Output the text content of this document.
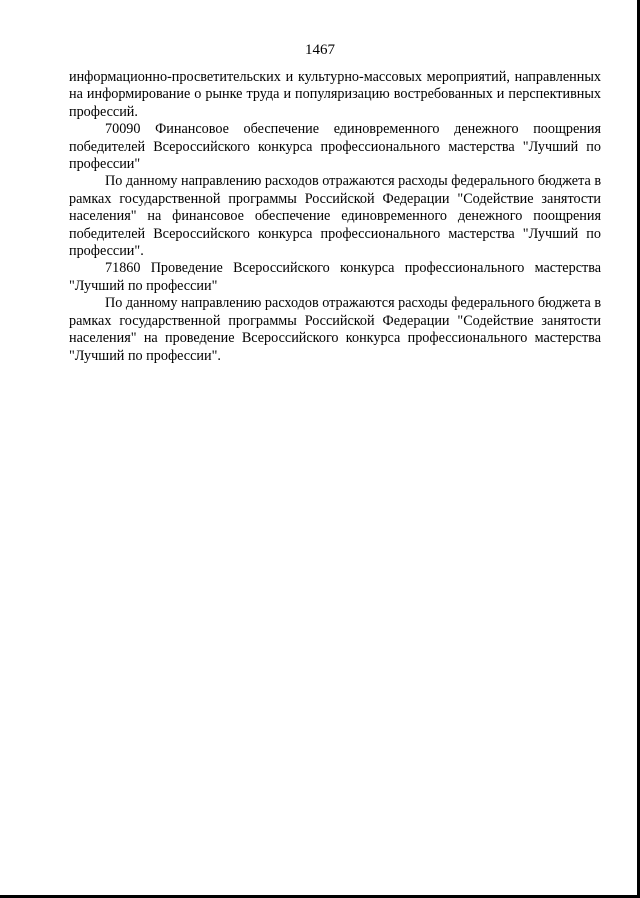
1467

информационно-просветительских и культурно-массовых мероприятий, направленных на информирование о рынке труда и популяризацию востребованных и перспективных профессий.

70090 Финансовое обеспечение единовременного денежного поощрения победителей Всероссийского конкурса профессионального мастерства "Лучший по профессии"

По данному направлению расходов отражаются расходы федерального бюджета в рамках государственной программы Российской Федерации "Содействие занятости населения" на финансовое обеспечение единовременного денежного поощрения победителей Всероссийского конкурса профессионального мастерства "Лучший по профессии".

71860 Проведение Всероссийского конкурса профессионального мастерства "Лучший по профессии"

По данному направлению расходов отражаются расходы федерального бюджета в рамках государственной программы Российской Федерации "Содействие занятости населения" на проведение Всероссийского конкурса профессионального мастерства "Лучший по профессии".
